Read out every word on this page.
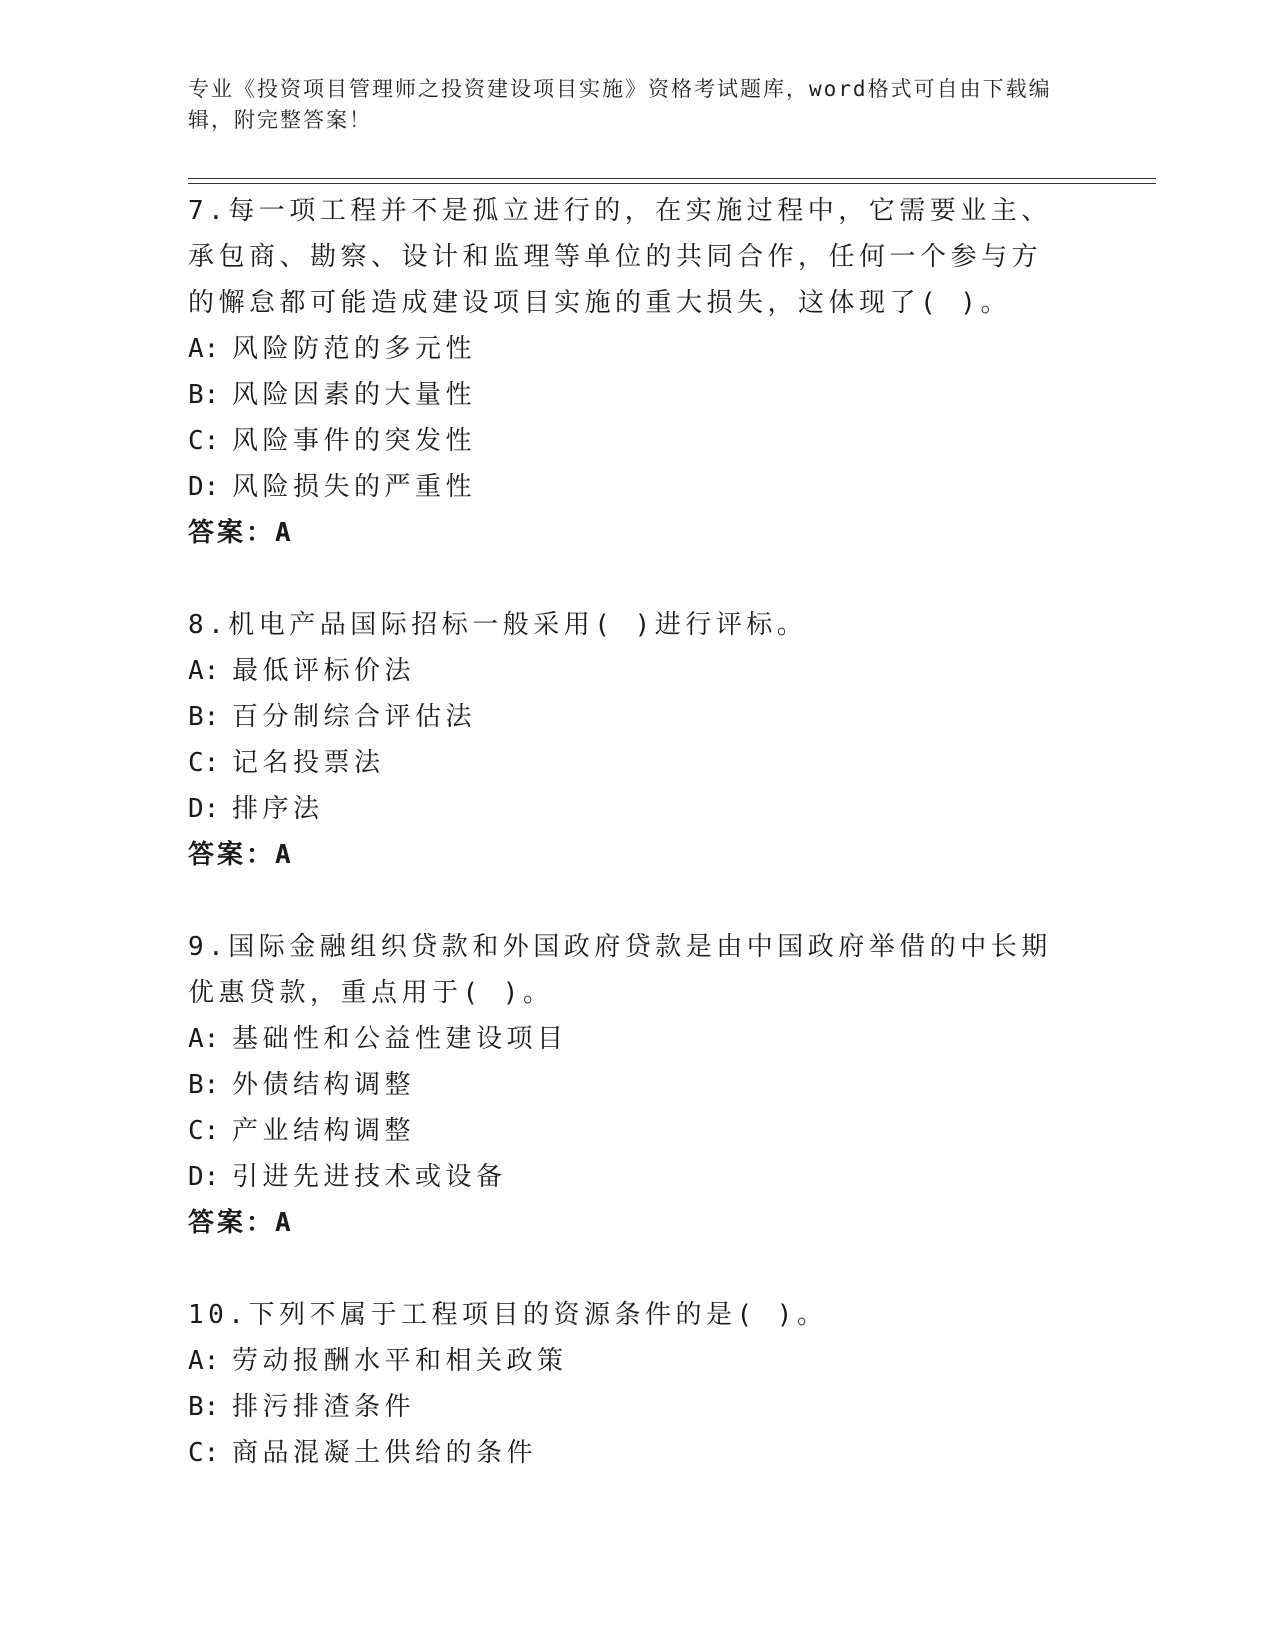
专业《投资项目管理师之投资建设项目实施》资格考试题库，word格式可自由下载编辑，附完整答案！

7.每一项工程并不是孤立进行的，在实施过程中，它需要业主、承包商、勘察、设计和监理等单位的共同合作，任何一个参与方的懈怠都可能造成建设项目实施的重大损失，这体现了( )。

A: 风险防范的多元性

B: 风险因素的大量性

C: 风险事件的突发性

D: 风险损失的严重性

答案：A

8.机电产品国际招标一般采用( )进行评标。

A: 最低评标价法

B: 百分制综合评估法

C: 记名投票法

D: 排序法

答案：A

9.国际金融组织贷款和外国政府贷款是由中国政府举借的中长期优惠贷款，重点用于( )。

A: 基础性和公益性建设项目

B: 外债结构调整

C: 产业结构调整

D: 引进先进技术或设备

答案：A

10.下列不属于工程项目的资源条件的是( )。

A: 劳动报酬水平和相关政策

B: 排污排渣条件

C: 商品混凝土供给的条件
